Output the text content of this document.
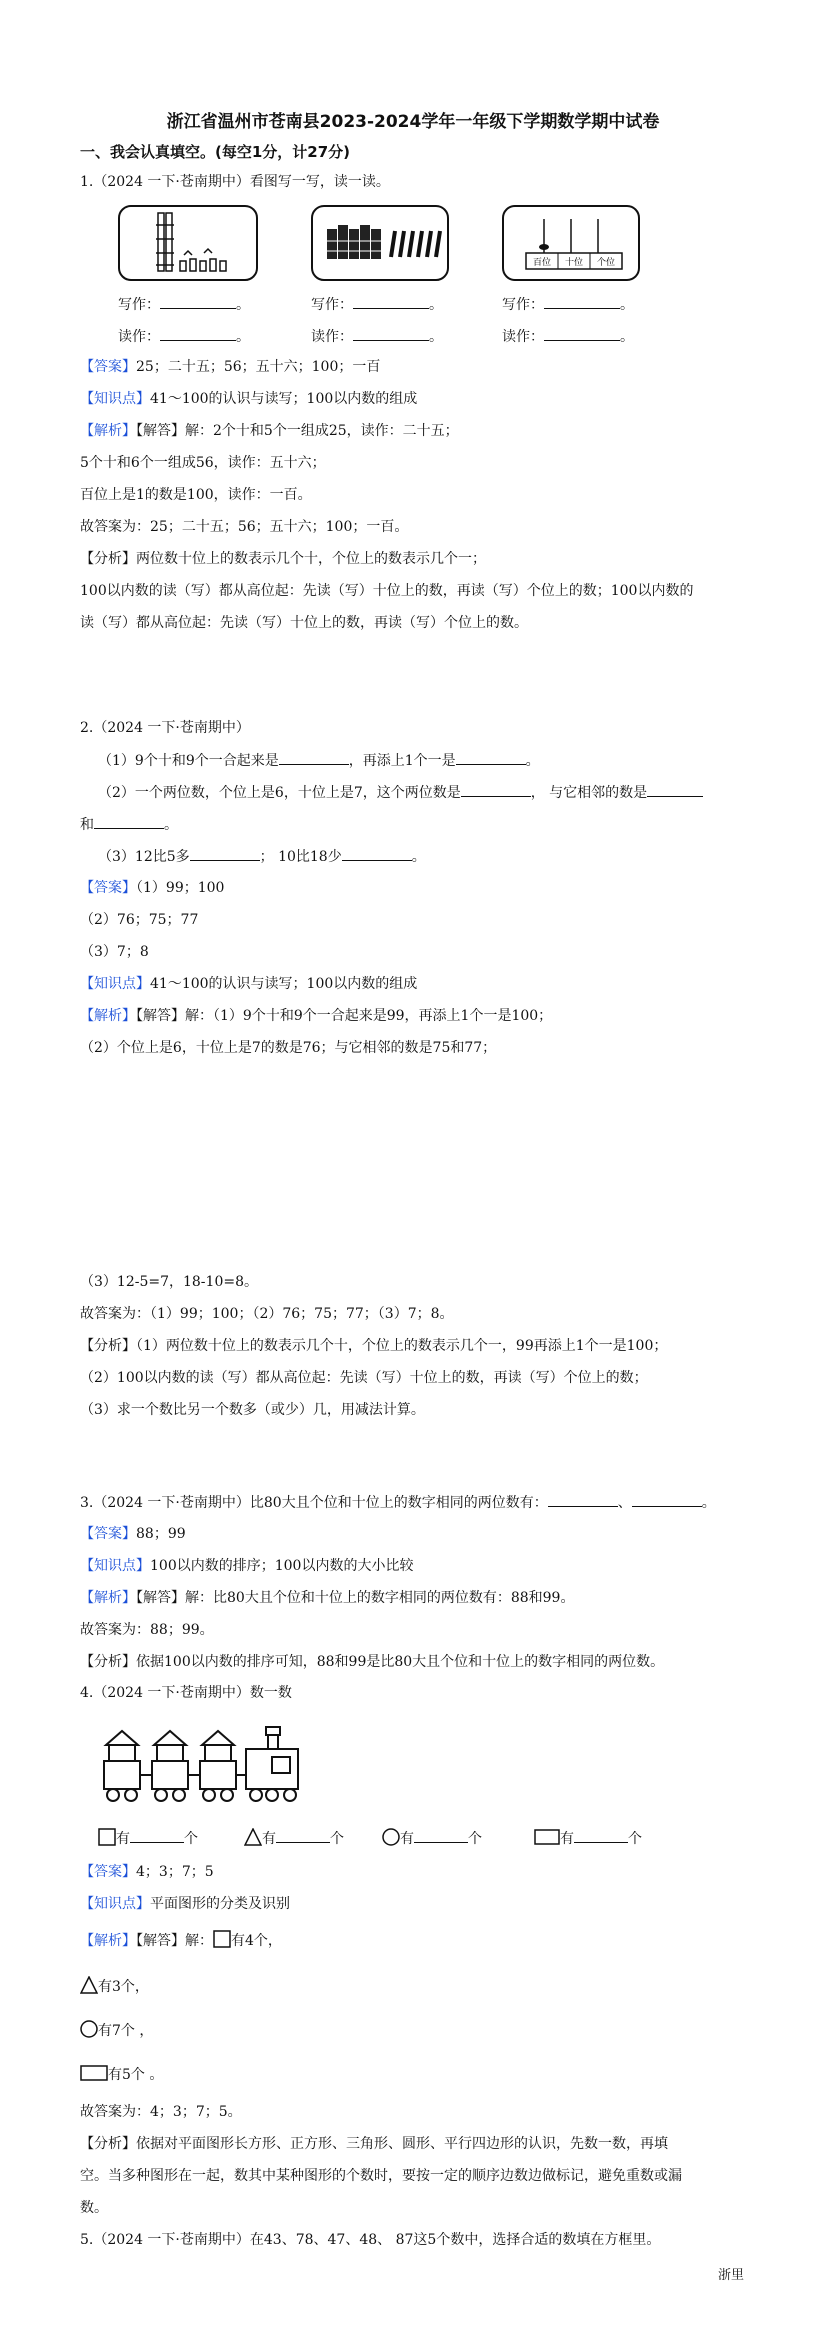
浙江省温州市苍南县2023-2024学年一年级下学期数学期中试卷
一、我会认真填空。(每空1分，计27分)
1.（2024 一下·苍南期中）看图写一写，读一读。
百位 十位 个位
写作：	。	写作：	。	写作：	。
读作：	。	读作：	。	读作：	。
【答案】25；二十五；56；五十六；100；一百
【知识点】41～100的认识与读写；100以内数的组成
【解析】【解答】解：2个十和5个一组成25，读作：二十五；
5个十和6个一组成56，读作：五十六；
百位上是1的数是100，读作：一百。
故答案为：25；二十五；56；五十六；100；一百。
【分析】两位数十位上的数表示几个十，个位上的数表示几个一；
100以内数的读（写）都从高位起：先读（写）十位上的数，再读（写）个位上的数；100以内数的
读（写）都从高位起：先读（写）十位上的数，再读（写）个位上的数。
2.（2024 一下·苍南期中）
（1）9个十和9个一合起来是	，再添上1个一是	。
（2）一个两位数，个位上是6，十位上是7，这个两位数是	， 与它相邻的数是
和	。
（3）12比5多	； 10比18少	。
【答案】（1）99；100
（2）76；75；77
（3）7；8
【知识点】41～100的认识与读写；100以内数的组成
【解析】【解答】解：（1）9个十和9个一合起来是99，再添上1个一是100；
（2）个位上是6，十位上是7的数是76；与它相邻的数是75和77；
（3）12-5=7，18-10=8。
故答案为：（1）99；100；（2）76；75；77；（3）7；8。
【分析】（1）两位数十位上的数表示几个十，个位上的数表示几个一，99再添上1个一是100；
（2）100以内数的读（写）都从高位起：先读（写）十位上的数，再读（写）个位上的数；
（3）求一个数比另一个数多（或少）几，用减法计算。
3.（2024 一下·苍南期中）比80大且个位和十位上的数字相同的两位数有：	、	。
【答案】88；99
【知识点】100以内数的排序；100以内数的大小比较
【解析】【解答】解：比80大且个位和十位上的数字相同的两位数有：88和99。
故答案为：88；99。
【分析】依据100以内数的排序可知，88和99是比80大且个位和十位上的数字相同的两位数。
4.（2024 一下·苍南期中）数一数
有	个	有	个	有	个	有	个
【答案】4；3；7；5
【知识点】平面图形的分类及识别
【解析】【解答】解： 有4个，
有3个，
有7个 ，
有5个 。
故答案为：4；3；7；5。
【分析】依据对平面图形长方形、正方形、三角形、圆形、平行四边形的认识，先数一数，再填
空。当多种图形在一起，数其中某种图形的个数时，要按一定的顺序边数边做标记，避免重数或漏
数。
5.（2024 一下·苍南期中）在43、78、47、48、 87这5个数中，选择合适的数填在方框里。
浙里
